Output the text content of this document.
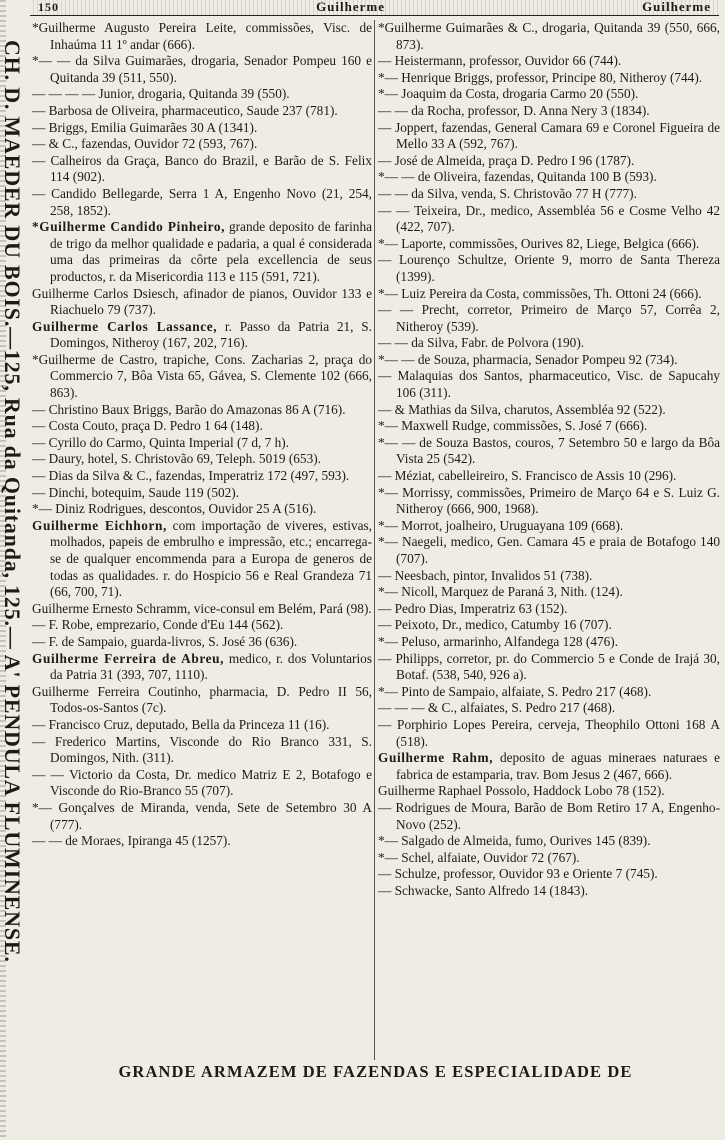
150	Guilherme	Guilherme
CH. D. MAEDER DU BOIS.—125, Rua da Quitanda, 125.— A' PENDULA FLUMINENSE.

*Guilherme Augusto Pereira Leite, commissões, Visc. de Inhaúma 11 1º andar (666).

*— — da Silva Guimarães, drogaria, Senador Pompeu 160 e Quitanda 39 (511, 550).

— — — — Junior, drogaria, Quitanda 39 (550).

— Barbosa de Oliveira, pharmaceutico, Saude 237 (781).

— Briggs, Emilia Guimarães 30 A (1341).

— & C., fazendas, Ouvidor 72 (593, 767).

— Calheiros da Graça, Banco do Brazil, e Barão de S. Felix 114 (902).

— Candido Bellegarde, Serra 1 A, Engenho Novo (21, 254, 258, 1852).

*Guilherme Candido Pinheiro, grande deposito de farinha de trigo da melhor qualidade e padaria, a qual é considerada uma das primeiras da côrte pela excellencia de seus productos, r. da Misericordia 113 e 115 (591, 721).

Guilherme Carlos Dsiesch, afinador de pianos, Ouvidor 133 e Riachuelo 79 (737).

Guilherme Carlos Lassance, r. Passo da Patria 21, S. Domingos, Nitheroy (167, 202, 716).

*Guilherme de Castro, trapiche, Cons. Zacharias 2, praça do Commercio 7, Bôa Vista 65, Gávea, S. Clemente 102 (666, 863).

— Christino Baux Briggs, Barão do Amazonas 86 A (716).

— Costa Couto, praça D. Pedro 1 64 (148).

— Cyrillo do Carmo, Quinta Imperial (7 d, 7 h).

— Daury, hotel, S. Christovão 69, Teleph. 5019 (653).

— Dias da Silva & C., fazendas, Imperatriz 172 (497, 593).

— Dinchi, botequim, Saude 119 (502).

*— Diniz Rodrigues, descontos, Ouvidor 25 A (516).

Guilherme Eichhorn, com importação de viveres, estivas, molhados, papeis de embrulho e impressão, etc.; encarrega-se de qualquer encommenda para a Europa de generos de todas as qualidades. r. do Hospicio 56 e Real Grandeza 71 (66, 700, 71).

Guilherme Ernesto Schramm, vice-consul em Belém, Pará (98).

— F. Robe, emprezario, Conde d'Eu 144 (562).

— F. de Sampaio, guarda-livros, S. José 36 (636).

Guilherme Ferreira de Abreu, medico, r. dos Voluntarios da Patria 31 (393, 707, 1110).

Guilherme Ferreira Coutinho, pharmacia, D. Pedro II 56, Todos-os-Santos (7c).

— Francisco Cruz, deputado, Bella da Princeza 11 (16).

— Frederico Martins, Visconde do Rio Branco 331, S. Domingos, Nith. (311).

— — Victorio da Costa, Dr. medico Matriz E 2, Botafogo e Visconde do Rio-Branco 55 (707).

*— Gonçalves de Miranda, venda, Sete de Setembro 30 A (777).

— — de Moraes, Ipiranga 45 (1257).

*Guilherme Guimarães & C., drogaria, Quitanda 39 (550, 666, 873).

— Heistermann, professor, Ouvidor 66 (744).

*— Henrique Briggs, professor, Principe 80, Nitheroy (744).

*— Joaquim da Costa, drogaria Carmo 20 (550).

— — da Rocha, professor, D. Anna Nery 3 (1834).

— Joppert, fazendas, General Camara 69 e Coronel Figueira de Mello 33 A (592, 767).

— José de Almeida, praça D. Pedro I 96 (1787).

*— — de Oliveira, fazendas, Quitanda 100 B (593).

— — da Silva, venda, S. Christovão 77 H (777).

— — Teixeira, Dr., medico, Assembléa 56 e Cosme Velho 42 (422, 707).

*— Laporte, commissões, Ourives 82, Liege, Belgica (666).

— Lourenço Schultze, Oriente 9, morro de Santa Thereza (1399).

*— Luiz Pereira da Costa, commissões, Th. Ottoni 24 (666).

— — Precht, corretor, Primeiro de Março 57, Corrêa 2, Nitheroy (539).

— — da Silva, Fabr. de Polvora (190).

*— — de Souza, pharmacia, Senador Pompeu 92 (734).

— Malaquias dos Santos, pharmaceutico, Visc. de Sapucahy 106 (311).

— & Mathias da Silva, charutos, Assembléa 92 (522).

*— Maxwell Rudge, commissões, S. José 7 (666).

*— — de Souza Bastos, couros, 7 Setembro 50 e largo da Bôa Vista 25 (542).

— Méziat, cabelleireiro, S. Francisco de Assis 10 (296).

*— Morrissy, commissões, Primeiro de Março 64 e S. Luiz G. Nitheroy (666, 900, 1968).

*— Morrot, joalheiro, Uruguayana 109 (668).

*— Naegeli, medico, Gen. Camara 45 e praia de Botafogo 140 (707).

— Neesbach, pintor, Invalidos 51 (738).

*— Nicoll, Marquez de Paraná 3, Nith. (124).

— Pedro Dias, Imperatriz 63 (152).

— Peixoto, Dr., medico, Catumby 16 (707).

*— Peluso, armarinho, Alfandega 128 (476).

— Philipps, corretor, pr. do Commercio 5 e Conde de Irajá 30, Botaf. (538, 540, 926 a).

*— Pinto de Sampaio, alfaiate, S. Pedro 217 (468).

— — — & C., alfaiates, S. Pedro 217 (468).

— Porphirio Lopes Pereira, cerveja, Theophilo Ottoni 168 A (518).

Guilherme Rahm, deposito de aguas mineraes naturaes e fabrica de estamparia, trav. Bom Jesus 2 (467, 666).

Guilherme Raphael Possolo, Haddock Lobo 78 (152).

— Rodrigues de Moura, Barão de Bom Retiro 17 A, Engenho-Novo (252).

*— Salgado de Almeida, fumo, Ourives 145 (839).

*— Schel, alfaiate, Ouvidor 72 (767).

— Schulze, professor, Ouvidor 93 e Oriente 7 (745).

— Schwacke, Santo Alfredo 14 (1843).

GRANDE ARMAZEM DE FAZENDAS E ESPECIALIDADE DE
